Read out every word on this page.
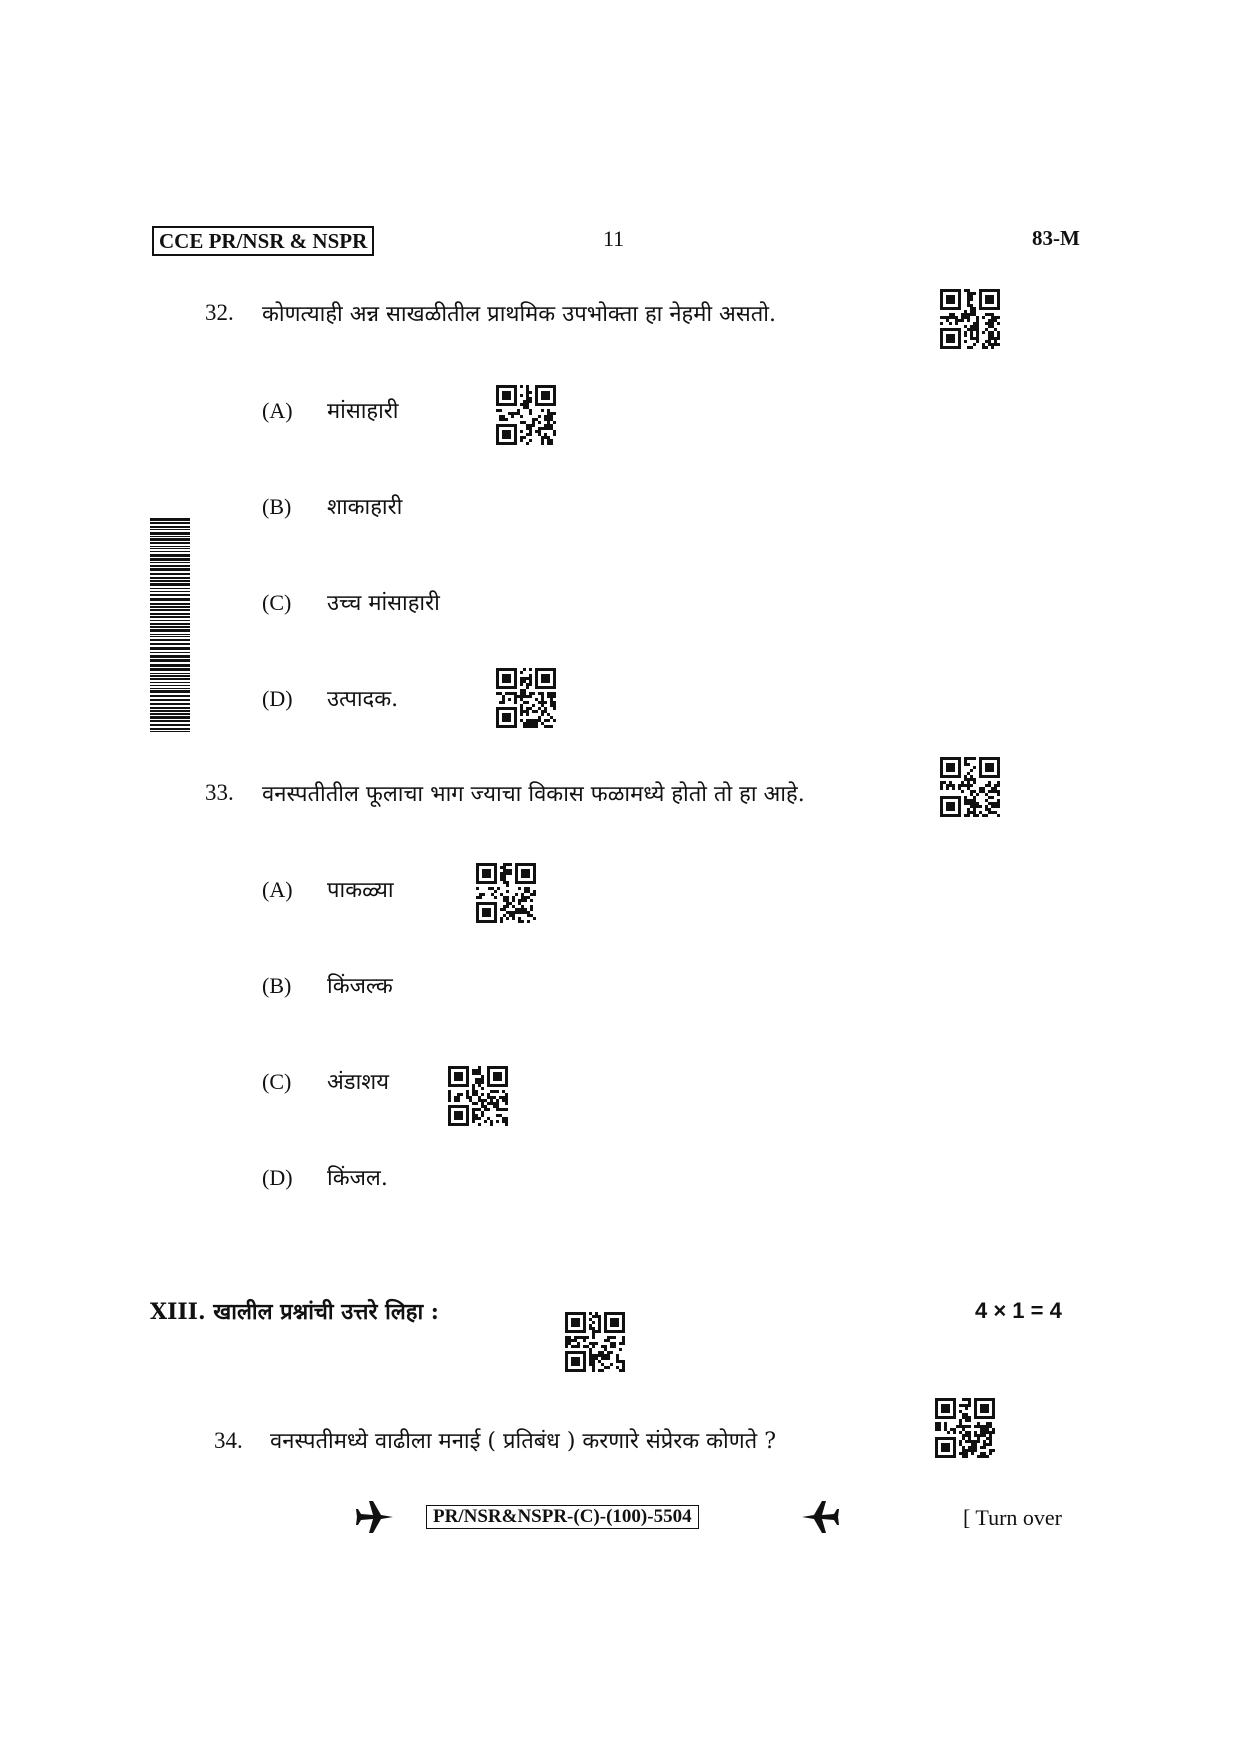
CCE PR/NSR & NSPR	11	83-M
32. कोणत्याही अन्न साखळीतील प्राथमिक उपभोक्ता हा नेहमी असतो.
(A) मांसाहारी
(B) शाकाहारी
(C) उच्च मांसाहारी
(D) उत्पादक.
33. वनस्पतीतील फूलाचा भाग ज्याचा विकास फळामध्ये होतो तो हा आहे.
(A) पाकळ्या
(B) किंजल्क
(C) अंडाशय
(D) किंजल.
XIII. खालील प्रश्नांची उत्तरे लिहा :	4 × 1 = 4
34. वनस्पतीमध्ये वाढीला मनाई ( प्रतिबंध ) करणारे संप्रेरक कोणते ?
PR/NSR&NSPR-(C)-(100)-5504	[ Turn over
